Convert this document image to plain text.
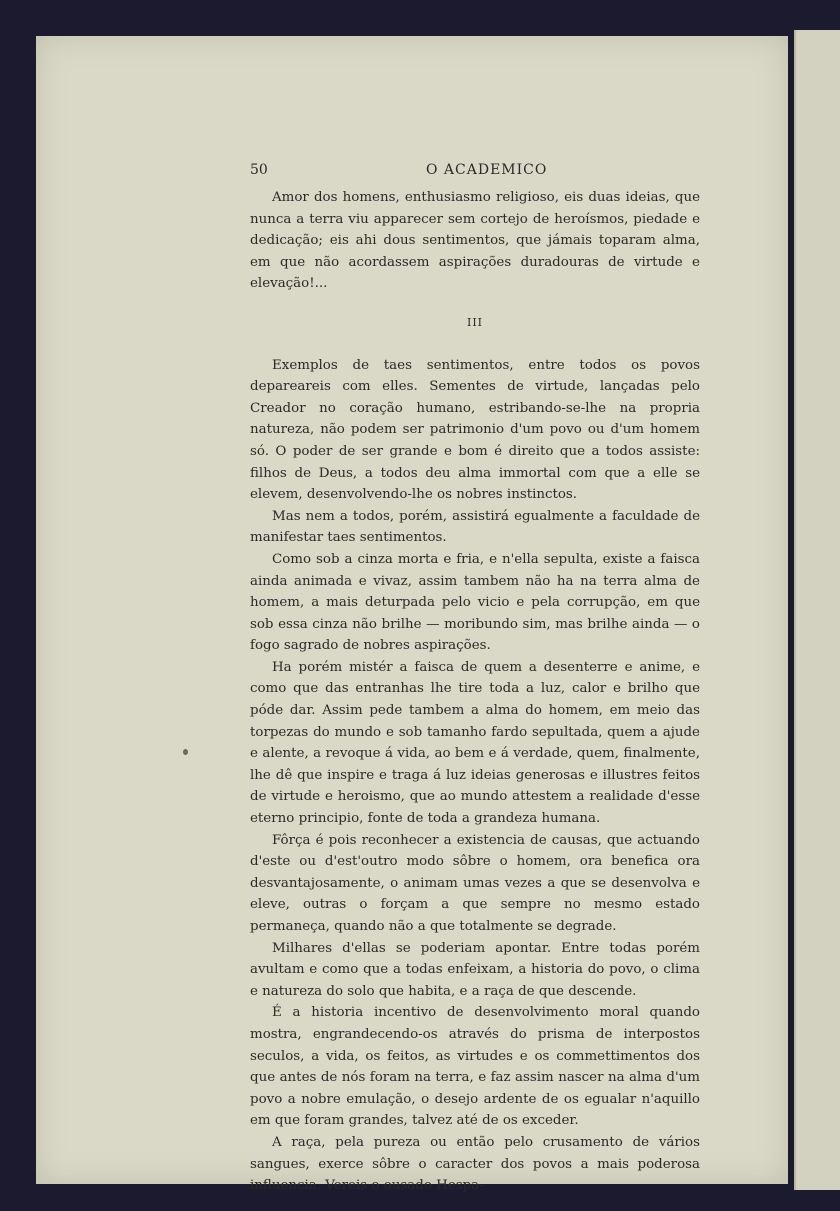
50	O ACADEMICO

Amor dos homens, enthusiasmo religioso, eis duas ideias, que nunca a terra viu apparecer sem cortejo de heroísmos, piedade e dedicação; eis ahi dous sentimentos, que jámais toparam alma, em que não acordassem aspirações duradouras de virtude e elevação!...

III

Exemplos de taes sentimentos, entre todos os povos depareareis com elles. Sementes de virtude, lançadas pelo Creador no coração humano, estribando-se-lhe na propria natureza, não podem ser patrimonio d'um povo ou d'um homem só. O poder de ser grande e bom é direito que a todos assiste: filhos de Deus, a todos deu alma immortal com que a elle se elevem, desenvolvendo-lhe os nobres instinctos.

Mas nem a todos, porém, assistirá egualmente a faculdade de manifestar taes sentimentos.

Como sob a cinza morta e fria, e n'ella sepulta, existe a faisca ainda animada e vivaz, assim tambem não ha na terra alma de homem, a mais deturpada pelo vicio e pela corrupção, em que sob essa cinza não brilhe — moribundo sim, mas brilhe ainda — o fogo sagrado de nobres aspirações.

Ha porém mistér a faisca de quem a desenterre e anime, e como que das entranhas lhe tire toda a luz, calor e brilho que póde dar. Assim pede tambem a alma do homem, em meio das torpezas do mundo e sob tamanho fardo sepultada, quem a ajude e alente, a revoque á vida, ao bem e á verdade, quem, finalmente, lhe dê que inspire e traga á luz ideias generosas e illustres feitos de virtude e heroismo, que ao mundo attestem a realidade d'esse eterno principio, fonte de toda a grandeza humana.

Fôrça é pois reconhecer a existencia de causas, que actuando d'este ou d'est'outro modo sôbre o homem, ora benefica ora desvantajosamente, o animam umas vezes a que se desenvolva e eleve, outras o forçam a que sempre no mesmo estado permaneça, quando não a que totalmente se degrade.

Milhares d'ellas se poderiam apontar. Entre todas porém avultam e como que a todas enfeixam, a historia do povo, o clima e natureza do solo que habita, e a raça de que descende.

É a historia incentivo de desenvolvimento moral quando mostra, engrandecendo-os através do prisma de interpostos seculos, a vida, os feitos, as virtudes e os commettimentos dos que antes de nós foram na terra, e faz assim nascer na alma d'um povo a nobre emulação, o desejo ardente de os egualar n'aquillo em que foram grandes, talvez até de os exceder.

A raça, pela pureza ou então pelo crusamento de vários sangues, exerce sôbre o caracter dos povos a mais poderosa influencia. Vereis o ousado Hespa-
